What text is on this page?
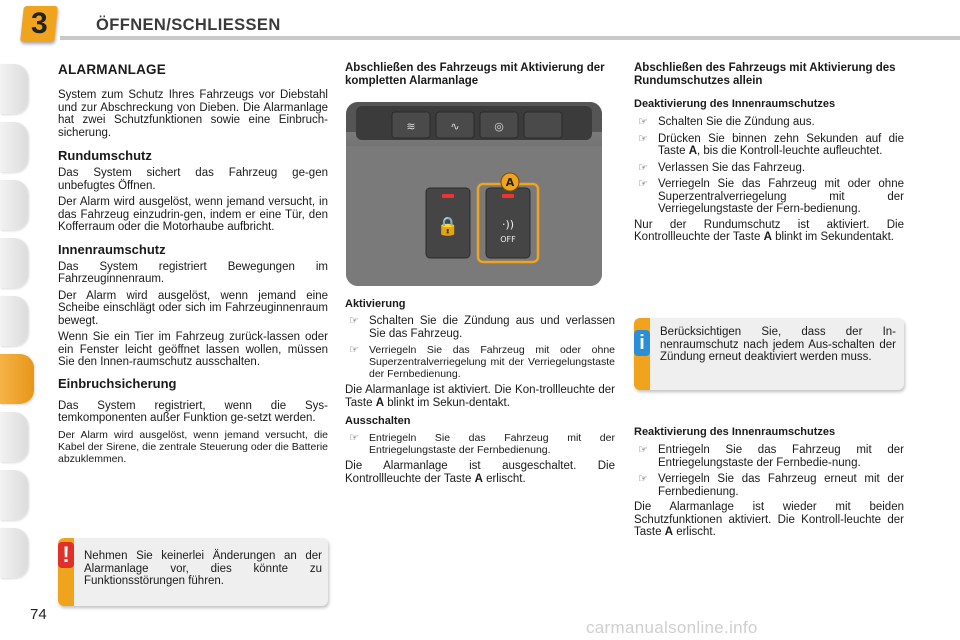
3	ÖFFNEN/SCHLIESSEN
ALARMANLAGE

System zum Schutz Ihres Fahrzeugs vor Diebstahl und zur Abschreckung von Dieben. Die Alarmanlage hat zwei Schutzfunktionen sowie eine Einbruch-sicherung.

Rundumschutz

Das System sichert das Fahrzeug ge-gen unbefugtes Öffnen.

Der Alarm wird ausgelöst, wenn jemand versucht, in das Fahrzeug einzudrin-gen, indem er eine Tür, den Kofferraum oder die Motorhaube aufbricht.

Innenraumschutz

Das System registriert Bewegungen im Fahrzeuginnenraum.

Der Alarm wird ausgelöst, wenn jemand eine Scheibe einschlägt oder sich im Fahrzeuginnenraum bewegt.

Wenn Sie ein Tier im Fahrzeug zurück-lassen oder ein Fenster leicht geöffnet lassen wollen, müssen Sie den Innen-raumschutz ausschalten.

Einbruchsicherung

Das System registriert, wenn die Sys-temkomponenten außer Funktion ge-setzt werden.

Der Alarm wird ausgelöst, wenn jemand versucht, die Kabel der Sirene, die zentrale Steuerung oder die Batterie abzuklemmen.

! Nehmen Sie keinerlei Änderungen an der Alarmanlage vor, dies könnte zu Funktionsstörungen führen.
Abschließen des Fahrzeugs mit Aktivierung der kompletten Alarmanlage
≋	∿	◎
🔒	·))
OFF
A
Aktivierung
☞ Schalten Sie die Zündung aus und verlassen Sie das Fahrzeug.
☞ Verriegeln Sie das Fahrzeug mit oder ohne Superzentralverriegelung mit der Verriegelungstaste der Fernbedienung.

Die Alarmanlage ist aktiviert. Die Kon-trollleuchte der Taste A blinkt im Sekun-dentakt.

Ausschalten
☞ Entriegeln Sie das Fahrzeug mit der Entriegelungstaste der Fernbedienung.

Die Alarmanlage ist ausgeschaltet. Die Kontrollleuchte der Taste A erlischt.

Abschließen des Fahrzeugs mit Aktivierung des Rundumschutzes allein
Deaktivierung des Innenraumschutzes
☞ Schalten Sie die Zündung aus.
☞ Drücken Sie binnen zehn Sekunden auf die Taste A, bis die Kontroll-leuchte aufleuchtet.
☞ Verlassen Sie das Fahrzeug.
☞ Verriegeln Sie das Fahrzeug mit oder ohne Superzentralverriegelung mit der Verriegelungstaste der Fern-bedienung.

Nur der Rundumschutz ist aktiviert. Die Kontrollleuchte der Taste A blinkt im Sekundentakt.

i Berücksichtigen Sie, dass der In-nenraumschutz nach jedem Aus-schalten der Zündung erneut deaktiviert werden muss.
Reaktivierung des Innenraumschutzes
☞ Entriegeln Sie das Fahrzeug mit der Entriegelungstaste der Fernbedie-nung.
☞ Verriegeln Sie das Fahrzeug erneut mit der Fernbedienung.

Die Alarmanlage ist wieder mit beiden Schutzfunktionen aktiviert. Die Kontroll-leuchte der Taste A erlischt.

74
carmanualsonline.info
